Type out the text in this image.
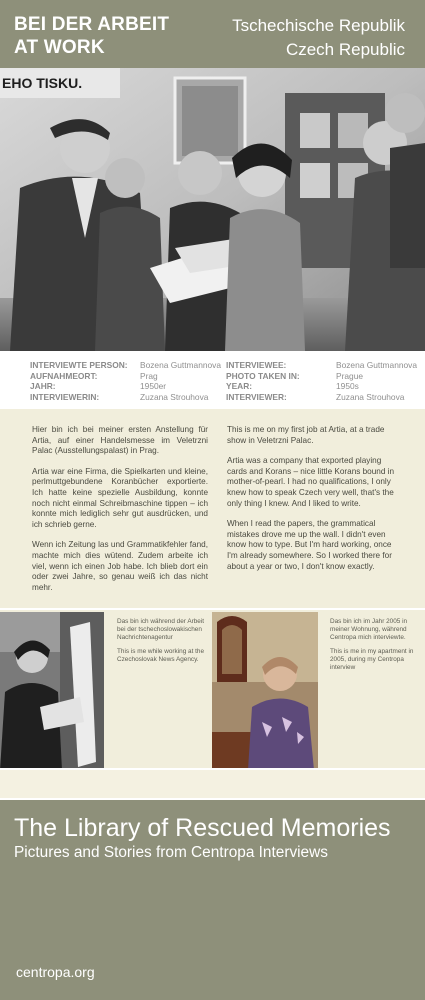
BEI DER ARBEIT
AT WORK
Tschechische Republik
Czech Republic
EHO TISKU.
INTERVIEWTE PERSON:	Bozena Guttmannova
AUFNAHMEORT:	Prag
JAHR:	1950er
INTERVIEWERIN:	Zuzana Strouhova
INTERVIEWEE:	Bozena Guttmannova
PHOTO TAKEN IN:	Prague
YEAR:	1950s
INTERVIEWER:	Zuzana Strouhova

Hier bin ich bei meiner ersten Anstellung für Artia, auf einer Handelsmesse im Veletrzni Palac (Ausstellungspalast) in Prag.

Artia war eine Firma, die Spielkarten und kleine, perlmuttgebundene Koranbücher exportierte. Ich hatte keine spezielle Ausbildung, konnte noch nicht einmal Schreibmaschine tippen – ich konnte mich lediglich sehr gut ausdrücken, und ich schrieb gerne.

Wenn ich Zeitung las und Grammatikfehler fand, machte mich dies wütend. Zudem arbeite ich viel, wenn ich einen Job habe. Ich blieb dort ein oder zwei Jahre, so genau weiß ich das nicht mehr.

This is me on my first job at Artia, at a trade show in Veletrzni Palac.

Artia was a company that exported playing cards and Korans – nice little Korans bound in mother-of-pearl. I had no qualifications, I only knew how to speak Czech very well, that's the only thing I knew. And I liked to write.

When I read the papers, the grammatical mistakes drove me up the wall. I didn't even know how to type. But I'm hard working, once I'm already somewhere. So I worked there for about a year or two, I don't know exactly.

Das bin ich während der Arbeit bei der tschechoslowakischen Nachrichtenagentur

This is me while working at the Czechoslovak News Agency.

Das bin ich im Jahr 2005 in meiner Wohnung, während Centropa mich interviewte.

This is me in my apartment in 2005, during my Centropa interview

The Library of Rescued Memories
Pictures and Stories from Centropa Interviews
centropa.org
